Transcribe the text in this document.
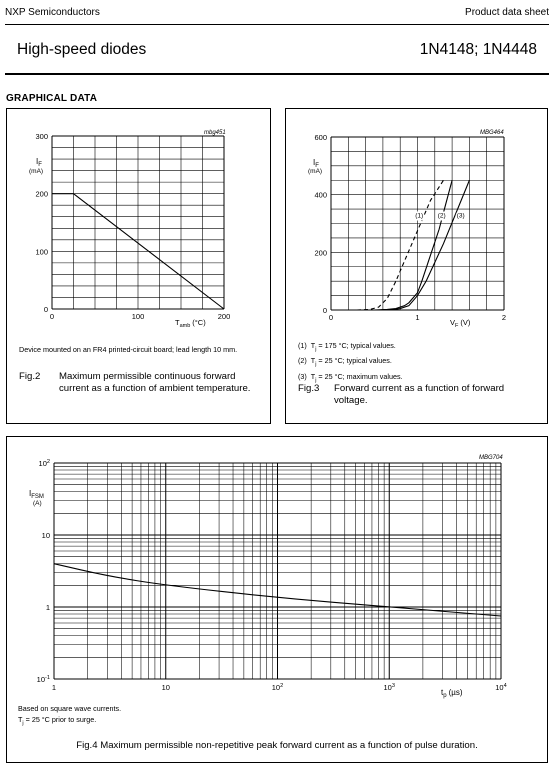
NXP Semiconductors	Product data sheet
High-speed diodes	1N4148; 1N4448
GRAPHICAL DATA
mbg451
$I_F$
(mA)
$T_{amb}$ (°C)
0	100	200
0
100
200
300
Device mounted on an FR4 printed-circuit board; lead length 10 mm.
Fig.2 Maximum permissible continuous forward current as a function of ambient temperature.
MBG464
$I_F$
(mA)
$V_F$ (V)
0	1	2
0
200
400
600
(1) (2) (3)
(1) $T_j = 175$ °C; typical values.
(2) $T_j = 25$ °C; typical values.
(3) $T_j = 25$ °C; maximum values.
Fig.3 Forward current as a function of forward voltage.
MBG704
$I_{FSM}$
(A)
$t_p$ (µs)
1	10	$10^2$	$10^3$	$10^4$
$10^{-1}$
1
10
$10^2$
Based on square wave currents.
$T_j = 25$ °C prior to surge.
Fig.4 Maximum permissible non-repetitive peak forward current as a function of pulse duration.
